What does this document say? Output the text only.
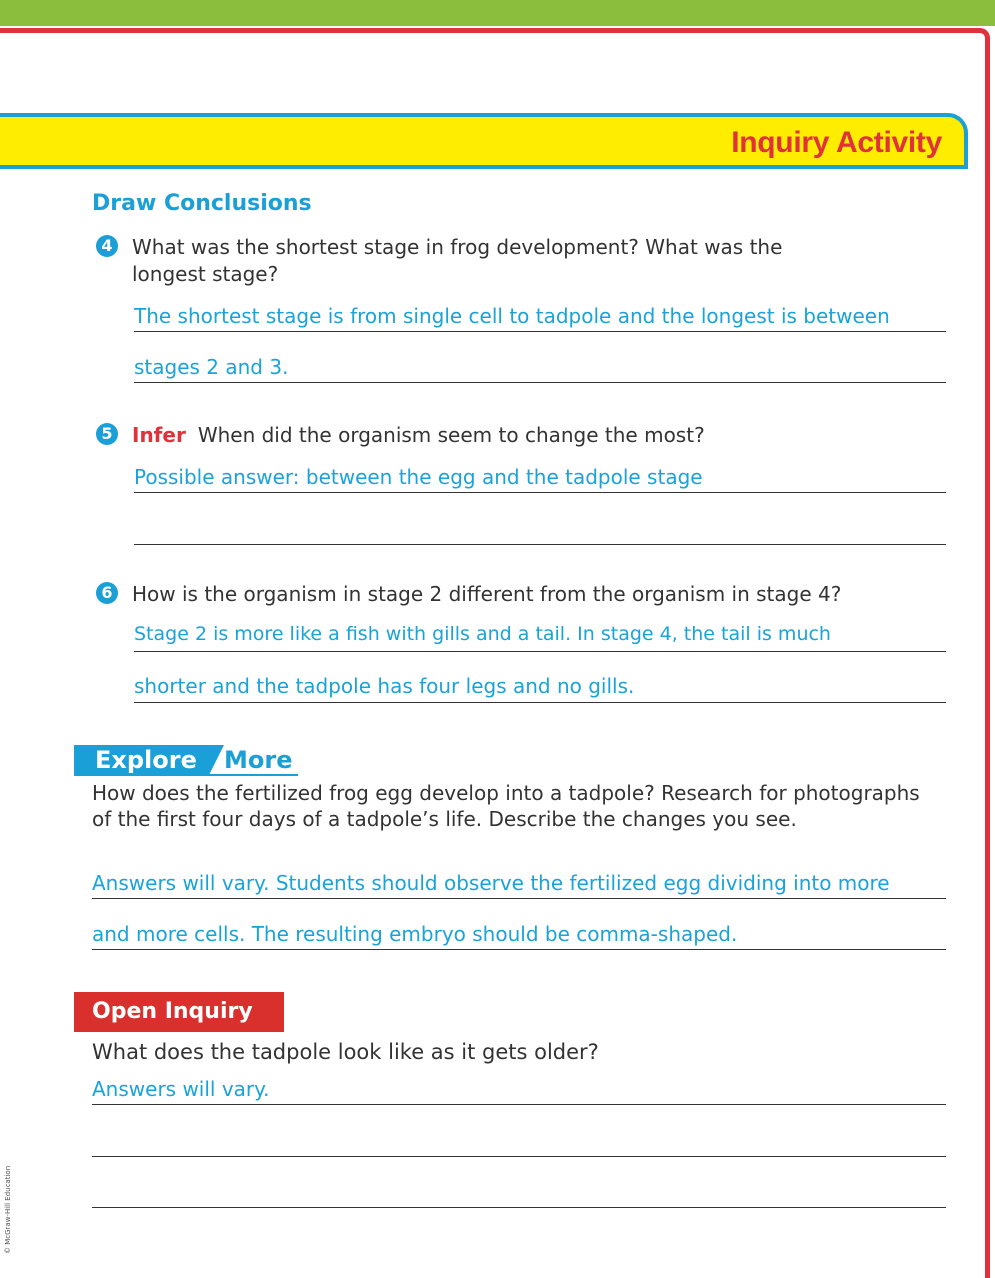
Inquiry Activity
Draw Conclusions
4 What was the shortest stage in frog development? What was the longest stage?
The shortest stage is from single cell to tadpole and the longest is between
stages 2 and 3.
5 Infer When did the organism seem to change the most?
Possible answer: between the egg and the tadpole stage
6 How is the organism in stage 2 different from the organism in stage 4?
Stage 2 is more like a fish with gills and a tail. In stage 4, the tail is much
shorter and the tadpole has four legs and no gills.
Explore More
How does the fertilized frog egg develop into a tadpole? Research for photographs of the first four days of a tadpole’s life. Describe the changes you see.
Answers will vary. Students should observe the fertilized egg dividing into more
and more cells. The resulting embryo should be comma-shaped.
Open Inquiry
What does the tadpole look like as it gets older?
Answers will vary.
© McGraw-Hill Education
